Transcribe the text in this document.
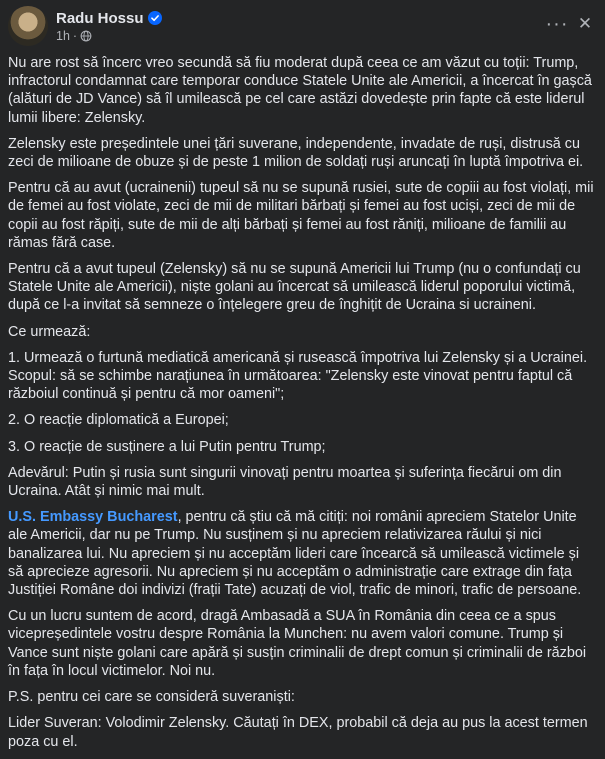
Radu Hossu
1h ·
··· ✕

Nu are rost să încerc vreo secundă să fiu moderat după ceea ce am văzut cu toții: Trump, infractorul condamnat care temporar conduce Statele Unite ale Americii, a încercat în gașcă (alături de JD Vance) să îl umilească pe cel care astăzi dovedește prin fapte că este liderul lumii libere: Zelensky.

Zelensky este președintele unei țări suverane, independente, invadate de ruși, distrusă cu zeci de milioane de obuze și de peste 1 milion de soldați ruși aruncați în luptă împotriva ei.

Pentru că au avut (ucrainenii) tupeul să nu se supună rusiei, sute de copiii au fost violați, mii de femei au fost violate, zeci de mii de militari bărbați și femei au fost uciși, zeci de mii de copii au fost răpiți, sute de mii de alți bărbați și femei au fost răniți, milioane de familii au rămas fără case.

Pentru că a avut tupeul (Zelensky) să nu se supună Americii lui Trump (nu o confundați cu Statele Unite ale Americii), niște golani au încercat să umilească liderul poporului victimă, după ce l-a invitat să semneze o înțelegere greu de înghițit de Ucraina si ucraineni.

Ce urmează:

1. Urmează o furtună mediatică americană și rusească împotriva lui Zelensky și a Ucrainei. Scopul: să se schimbe narațiunea în următoarea: "Zelensky este vinovat pentru faptul că războiul continuă și pentru că mor oameni";

2. O reacție diplomatică a Europei;

3. O reacție de susținere a lui Putin pentru Trump;

Adevărul: Putin și rusia sunt singurii vinovați pentru moartea și suferința fiecărui om din Ucraina. Atât și nimic mai mult.

U.S. Embassy Bucharest, pentru că știu că mă citiți: noi românii apreciem Statelor Unite ale Americii, dar nu pe Trump. Nu susținem și nu apreciem relativizarea răului și nici banalizarea lui. Nu apreciem și nu acceptăm lideri care încearcă să umilească victimele și să aprecieze agresorii. Nu apreciem și nu acceptăm o administrație care extrage din fața Justiției Române doi indivizi (frații Tate) acuzați de viol, trafic de minori, trafic de persoane.

Cu un lucru suntem de acord, dragă Ambasadă a SUA în România din ceea ce a spus vicepreședintele vostru despre România la Munchen: nu avem valori comune. Trump și Vance sunt niște golani care apără și susțin criminalii de drept comun și criminalii de război în fața în locul victimelor. Noi nu.

P.S. pentru cei care se consideră suveraniști:

Lider Suveran: Volodimir Zelensky. Căutați în DEX, probabil că deja au pus la acest termen poza cu el.
